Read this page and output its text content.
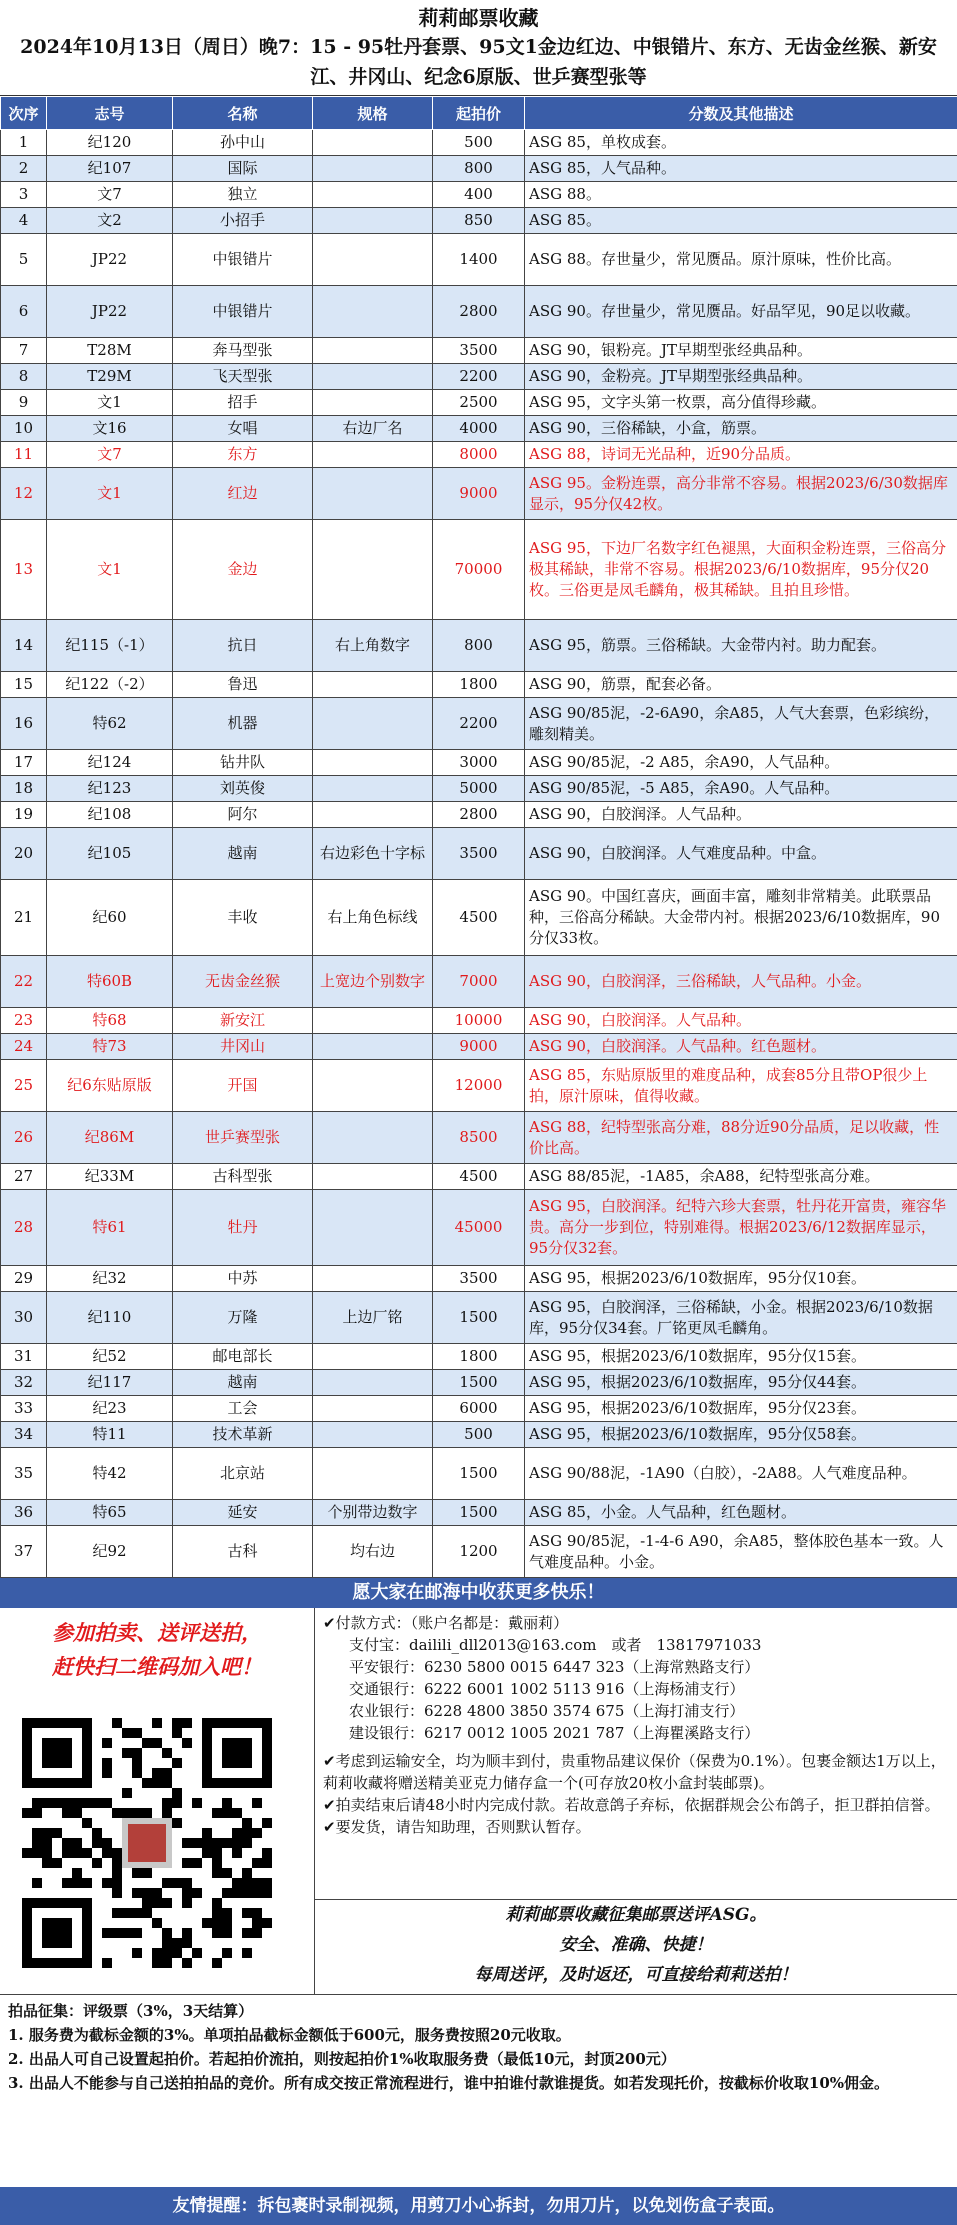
莉莉邮票收藏
2024年10月13日（周日）晚7：15 - 95牡丹套票、95文1金边红边、中银错片、东方、无齿金丝猴、新安江、井冈山、纪念6原版、世乒赛型张等
次序	志号	名称	规格	起拍价	分数及其他描述
1	纪120	孙中山		500	ASG 85，单枚成套。
2	纪107	国际		800	ASG 85，人气品种。
3	文7	独立		400	ASG 88。
4	文2	小招手		850	ASG 85。
5	JP22	中银错片		1400	ASG 88。存世量少，常见赝品。原汁原味，性价比高。
6	JP22	中银错片		2800	ASG 90。存世量少，常见赝品。好品罕见，90足以收藏。
7	T28M	奔马型张		3500	ASG 90，银粉亮。JT早期型张经典品种。
8	T29M	飞天型张		2200	ASG 90，金粉亮。JT早期型张经典品种。
9	文1	招手		2500	ASG 95，文字头第一枚票，高分值得珍藏。
10	文16	女唱	右边厂名	4000	ASG 90，三俗稀缺，小盒，筋票。
11	文7	东方		8000	ASG 88，诗词无光品种，近90分品质。
12	文1	红边		9000	ASG 95。金粉连票，高分非常不容易。根据2023/6/30数据库显示，95分仅42枚。
13	文1	金边		70000	ASG 95，下边厂名数字红色褪黑，大面积金粉连票，三俗高分极其稀缺，非常不容易。根据2023/6/10数据库，95分仅20枚。三俗更是凤毛麟角，极其稀缺。且拍且珍惜。
14	纪115（-1）	抗日	右上角数字	800	ASG 95，筋票。三俗稀缺。大金带内衬。助力配套。
15	纪122（-2）	鲁迅		1800	ASG 90，筋票，配套必备。
16	特62	机器		2200	ASG 90/85泥，-2-6A90，余A85，人气大套票，色彩缤纷，雕刻精美。
17	纪124	钻井队		3000	ASG 90/85泥，-2 A85，余A90，人气品种。
18	纪123	刘英俊		5000	ASG 90/85泥，-5 A85，余A90。人气品种。
19	纪108	阿尔		2800	ASG 90，白胶润泽。人气品种。
20	纪105	越南	右边彩色十字标	3500	ASG 90，白胶润泽。人气难度品种。中盒。
21	纪60	丰收	右上角色标线	4500	ASG 90。中国红喜庆，画面丰富，雕刻非常精美。此联票品种，三俗高分稀缺。大金带内衬。根据2023/6/10数据库，90分仅33枚。
22	特60B	无齿金丝猴	上宽边个别数字	7000	ASG 90，白胶润泽，三俗稀缺，人气品种。小金。
23	特68	新安江		10000	ASG 90，白胶润泽。人气品种。
24	特73	井冈山		9000	ASG 90，白胶润泽。人气品种。红色题材。
25	纪6东贴原版	开国		12000	ASG 85，东贴原版里的难度品种，成套85分且带OP很少上拍，原汁原味，值得收藏。
26	纪86M	世乒赛型张		8500	ASG 88，纪特型张高分难，88分近90分品质，足以收藏，性价比高。
27	纪33M	古科型张		4500	ASG 88/85泥，-1A85，余A88，纪特型张高分难。
28	特61	牡丹		45000	ASG 95，白胶润泽。纪特六珍大套票，牡丹花开富贵，雍容华贵。高分一步到位，特别难得。根据2023/6/12数据库显示，95分仅32套。
29	纪32	中苏		3500	ASG 95，根据2023/6/10数据库，95分仅10套。
30	纪110	万隆	上边厂铭	1500	ASG 95，白胶润泽，三俗稀缺，小金。根据2023/6/10数据库，95分仅34套。厂铭更凤毛麟角。
31	纪52	邮电部长		1800	ASG 95，根据2023/6/10数据库，95分仅15套。
32	纪117	越南		1500	ASG 95，根据2023/6/10数据库，95分仅44套。
33	纪23	工会		6000	ASG 95，根据2023/6/10数据库，95分仅23套。
34	特11	技术革新		500	ASG 95，根据2023/6/10数据库，95分仅58套。
35	特42	北京站		1500	ASG 90/88泥，-1A90（白胶），-2A88。人气难度品种。
36	特65	延安	个别带边数字	1500	ASG 85，小金。人气品种，红色题材。
37	纪92	古科	均右边	1200	ASG 90/85泥，-1-4-6 A90，余A85，整体胶色基本一致。人气难度品种。小金。
愿大家在邮海中收获更多快乐！
参加拍卖、送评送拍，
赶快扫二维码加入吧！
✔付款方式：（账户名都是：戴丽莉）
支付宝：dailili_dll2013@163.com　或者　13817971033
平安银行：6230 5800 0015 6447 323（上海常熟路支行）
交通银行：6222 6001 1002 5113 916（上海杨浦支行）
农业银行：6228 4800 3850 3574 675（上海打浦支行）
建设银行：6217 0012 1005 2021 787（上海瞿溪路支行）
✔考虑到运输安全，均为顺丰到付，贵重物品建议保价（保费为0.1%）。包裹金额达1万以上，莉莉收藏将赠送精美亚克力储存盒一个(可存放20枚小盒封装邮票)。
✔拍卖结束后请48小时内完成付款。若故意鸽子弃标，依据群规会公布鸽子，拒卫群拍信誉。
✔要发货，请告知助理，否则默认暂存。
莉莉邮票收藏征集邮票送评ASG。
安全、准确、快捷！
每周送评，及时返还，可直接给莉莉送拍！
拍品征集：评级票（3%，3天结算）
1. 服务费为截标金额的3%。单项拍品截标金额低于600元，服务费按照20元收取。
2. 出品人可自己设置起拍价。若起拍价流拍，则按起拍价1%收取服务费（最低10元，封顶200元）
3. 出品人不能参与自己送拍拍品的竞价。所有成交按正常流程进行，谁中拍谁付款谁提货。如若发现托价，按截标价收取10%佣金。
友情提醒：拆包裹时录制视频，用剪刀小心拆封，勿用刀片，以免划伤盒子表面。
